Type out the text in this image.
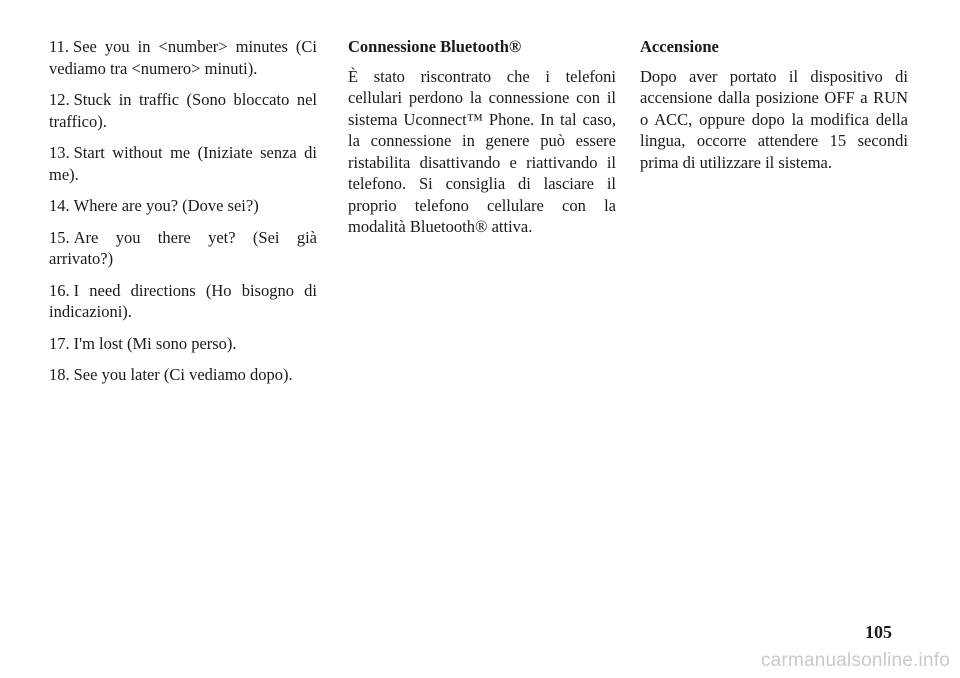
11. See you in <number> minutes (Ci vediamo tra <numero> minuti).

12. Stuck in traffic (Sono bloccato nel traffico).

13. Start without me (Iniziate senza di me).

14. Where are you? (Dove sei?)

15. Are you there yet? (Sei già arrivato?)

16. I need directions (Ho bisogno di indicazioni).

17. I'm lost (Mi sono perso).

18. See you later (Ci vediamo dopo).

Connessione Bluetooth®

È stato riscontrato che i telefoni cellulari perdono la connessione con il sistema Uconnect™ Phone. In tal caso, la connessione in genere può essere ristabilita disattivando e riattivando il telefono. Si consiglia di lasciare il proprio telefono cellulare con la modalità Bluetooth® attiva.

Accensione

Dopo aver portato il dispositivo di accensione dalla posizione OFF a RUN o ACC, oppure dopo la modifica della lingua, occorre attendere 15 secondi prima di utilizzare il sistema.

105
carmanualsonline.info
